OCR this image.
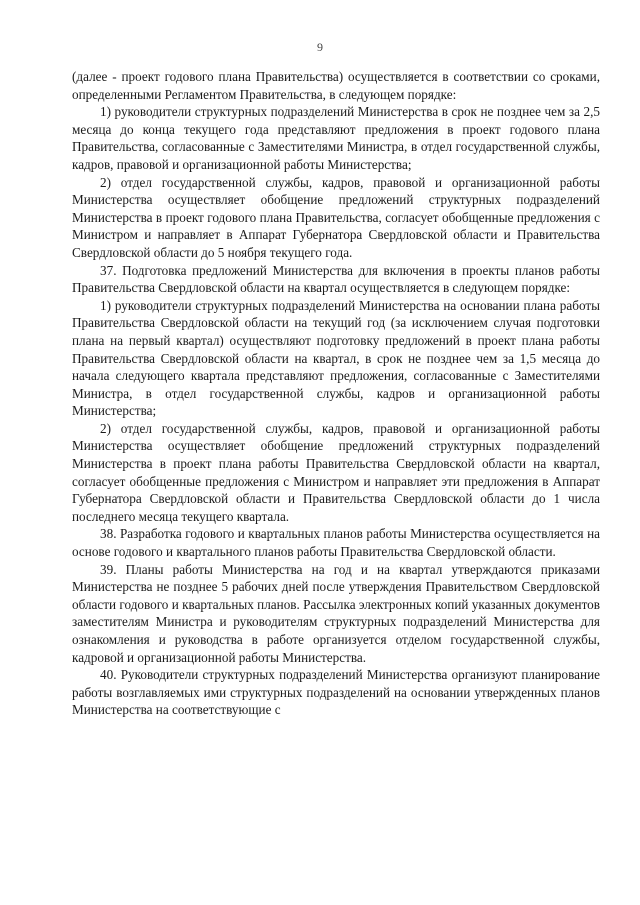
9

(далее - проект годового плана Правительства) осуществляется в соответствии со сроками, определенными Регламентом Правительства, в следующем порядке:

1) руководители структурных подразделений Министерства в срок не позднее чем за 2,5 месяца до конца текущего года представляют предложения в проект годового плана Правительства, согласованные с Заместителями Министра, в отдел государственной службы, кадров, правовой и организационной работы Министерства;

2) отдел государственной службы, кадров, правовой и организационной работы Министерства осуществляет обобщение предложений структурных подразделений Министерства в проект годового плана Правительства, согласует обобщенные предложения с Министром и направляет в Аппарат Губернатора Свердловской области и Правительства Свердловской области до 5 ноября текущего года.

37. Подготовка предложений Министерства для включения в проекты планов работы Правительства Свердловской области на квартал осуществляется в следующем порядке:

1) руководители структурных подразделений Министерства на основании плана работы Правительства Свердловской области на текущий год (за исключением случая подготовки плана на первый квартал) осуществляют подготовку предложений в проект плана работы Правительства Свердловской области на квартал, в срок не позднее чем за 1,5 месяца до начала следующего квартала представляют предложения, согласованные с Заместителями Министра, в отдел государственной службы, кадров и организационной работы Министерства;

2) отдел государственной службы, кадров, правовой и организационной работы Министерства осуществляет обобщение предложений структурных подразделений Министерства в проект плана работы Правительства Свердловской области на квартал, согласует обобщенные предложения с Министром и направляет эти предложения в Аппарат Губернатора Свердловской области и Правительства Свердловской области до 1 числа последнего месяца текущего квартала.

38. Разработка годового и квартальных планов работы Министерства осуществляется на основе годового и квартального планов работы Правительства Свердловской области.

39. Планы работы Министерства на год и на квартал утверждаются приказами Министерства не позднее 5 рабочих дней после утверждения Правительством Свердловской области годового и квартальных планов. Рассылка электронных копий указанных документов заместителям Министра и руководителям структурных подразделений Министерства для ознакомления и руководства в работе организуется отделом государственной службы, кадровой и организационной работы Министерства.

40. Руководители структурных подразделений Министерства организуют планирование работы возглавляемых ими структурных подразделений на основании утвержденных планов Министерства на соответствующие с
